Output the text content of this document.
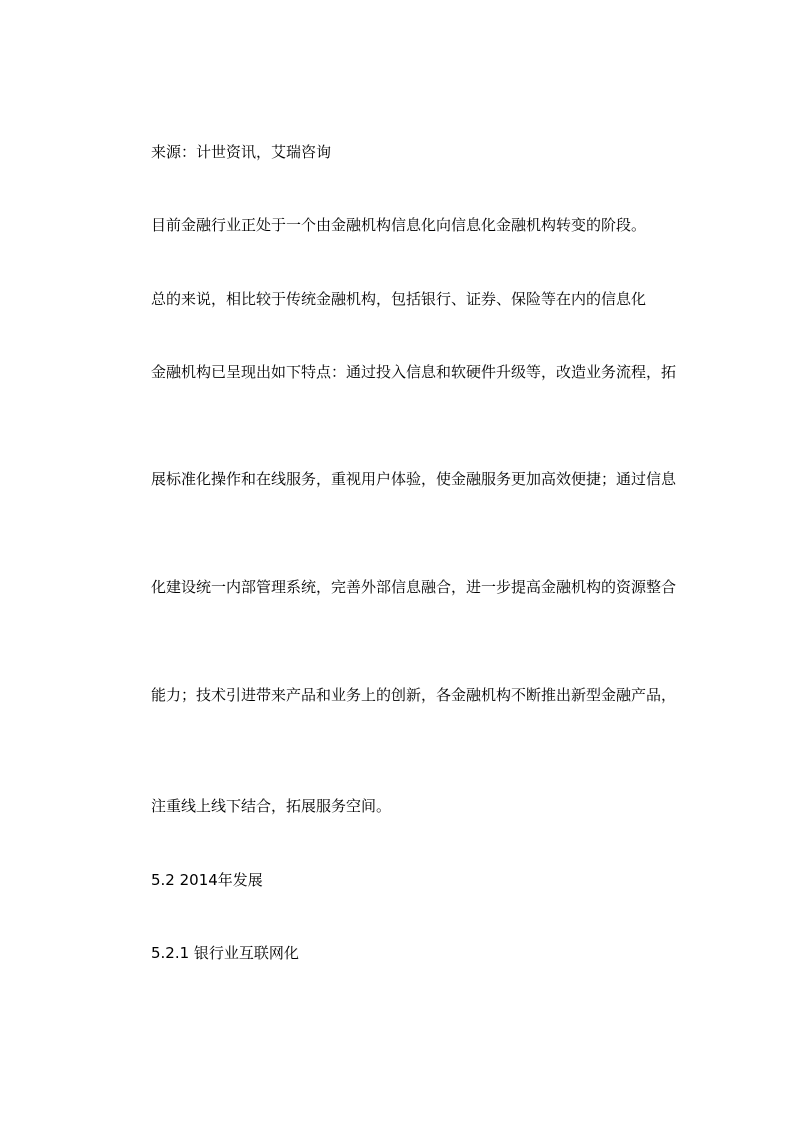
来源：计世资讯，艾瑞咨询

目前金融行业正处于一个由金融机构信息化向信息化金融机构转变的阶段。

总的来说，相比较于传统金融机构，包括银行、证券、保险等在内的信息化

金融机构已呈现出如下特点：通过投入信息和软硬件升级等，改造业务流程，拓

展标准化操作和在线服务，重视用户体验，使金融服务更加高效便捷；通过信息

化建设统一内部管理系统，完善外部信息融合，进一步提高金融机构的资源整合

能力；技术引进带来产品和业务上的创新，各金融机构不断推出新型金融产品，

注重线上线下结合，拓展服务空间。

5.2 2014年发展

5.2.1 银行业互联网化
